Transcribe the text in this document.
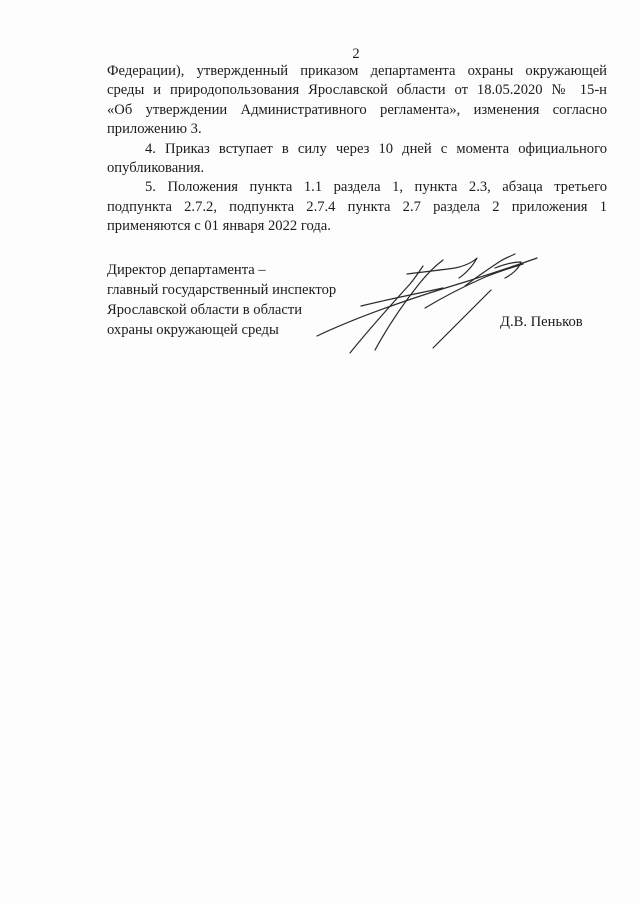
2

Федерации), утвержденный приказом департамента охраны окружающей
среды и природопользования Ярославской области от 18.05.2020 № 15-н
«Об утверждении Административного регламента», изменения согласно
приложению 3.

4. Приказ вступает в силу через 10 дней с момента официального
опубликования.

5. Положения пункта 1.1 раздела 1, пункта 2.3, абзаца третьего
подпункта 2.7.2, подпункта 2.7.4 пункта 2.7 раздела 2 приложения 1
применяются с 01 января 2022 года.

Директор департамента –
главный государственный инспектор
Ярославской области в области
охраны окружающей среды	Д.В. Пеньков
